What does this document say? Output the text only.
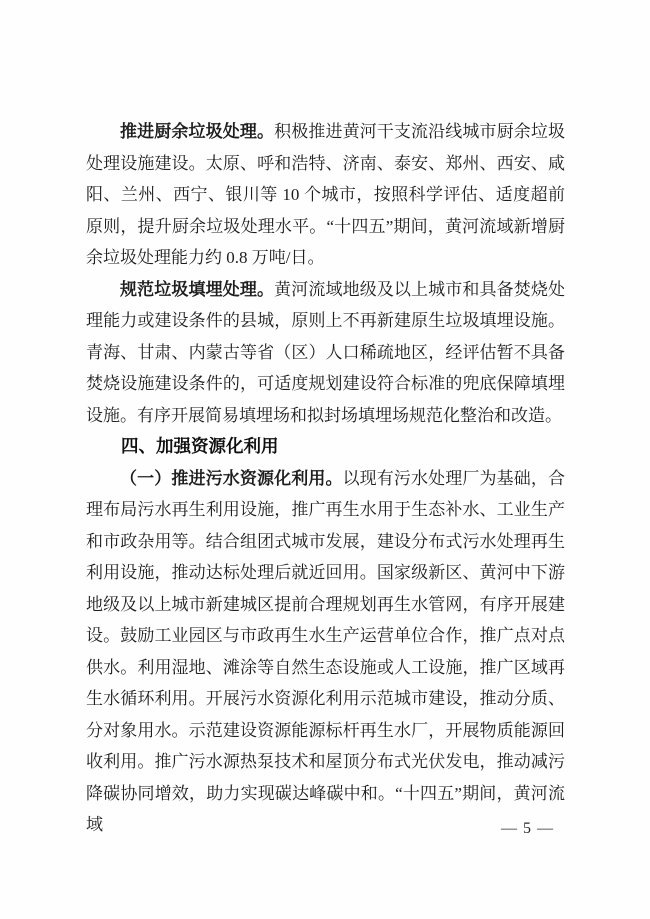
推进厨余垃圾处理。积极推进黄河干支流沿线城市厨余垃圾处理设施建设。太原、呼和浩特、济南、泰安、郑州、西安、咸阳、兰州、西宁、银川等 10 个城市，按照科学评估、适度超前原则，提升厨余垃圾处理水平。“十四五”期间，黄河流域新增厨余垃圾处理能力约 0.8 万吨/日。

规范垃圾填埋处理。黄河流域地级及以上城市和具备焚烧处理能力或建设条件的县城，原则上不再新建原生垃圾填埋设施。青海、甘肃、内蒙古等省（区）人口稀疏地区，经评估暂不具备焚烧设施建设条件的，可适度规划建设符合标准的兜底保障填埋设施。有序开展简易填埋场和拟封场填埋场规范化整治和改造。

四、加强资源化利用

（一）推进污水资源化利用。以现有污水处理厂为基础，合理布局污水再生利用设施，推广再生水用于生态补水、工业生产和市政杂用等。结合组团式城市发展，建设分布式污水处理再生利用设施，推动达标处理后就近回用。国家级新区、黄河中下游地级及以上城市新建城区提前合理规划再生水管网，有序开展建设。鼓励工业园区与市政再生水生产运营单位合作，推广点对点供水。利用湿地、滩涂等自然生态设施或人工设施，推广区域再生水循环利用。开展污水资源化利用示范城市建设，推动分质、分对象用水。示范建设资源能源标杆再生水厂，开展物质能源回收利用。推广污水源热泵技术和屋顶分布式光伏发电，推动减污降碳协同增效，助力实现碳达峰碳中和。“十四五”期间，黄河流域	— 5 —
